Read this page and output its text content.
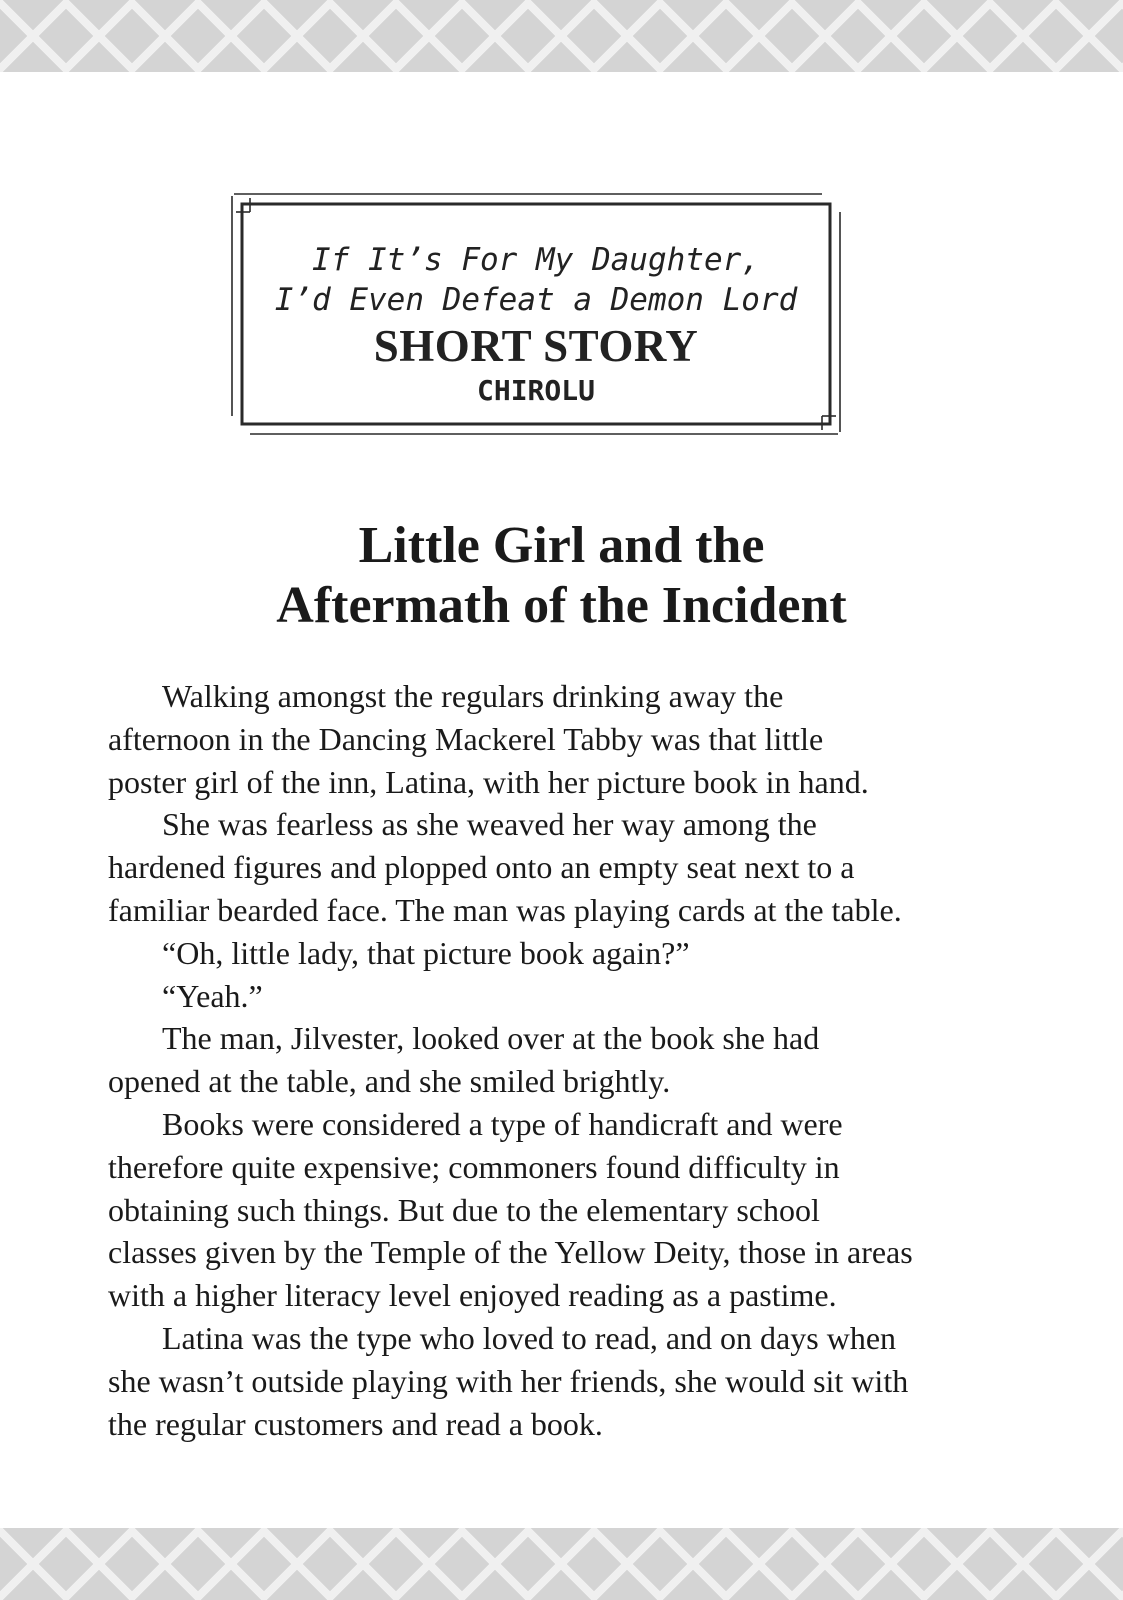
If It’s For My Daughter,
I’d Even Defeat a Demon Lord
SHORT STORY
CHIROLU
Little Girl and the
Aftermath of the Incident

Walking amongst the regulars drinking away the
afternoon in the Dancing Mackerel Tabby was that little
poster girl of the inn, Latina, with her picture book in hand.

She was fearless as she weaved her way among the
hardened figures and plopped onto an empty seat next to a
familiar bearded face. The man was playing cards at the table.

“Oh, little lady, that picture book again?”

“Yeah.”

The man, Jilvester, looked over at the book she had
opened at the table, and she smiled brightly.

Books were considered a type of handicraft and were
therefore quite expensive; commoners found difficulty in
obtaining such things. But due to the elementary school
classes given by the Temple of the Yellow Deity, those in areas
with a higher literacy level enjoyed reading as a pastime.

Latina was the type who loved to read, and on days when
she wasn’t outside playing with her friends, she would sit with
the regular customers and read a book.
